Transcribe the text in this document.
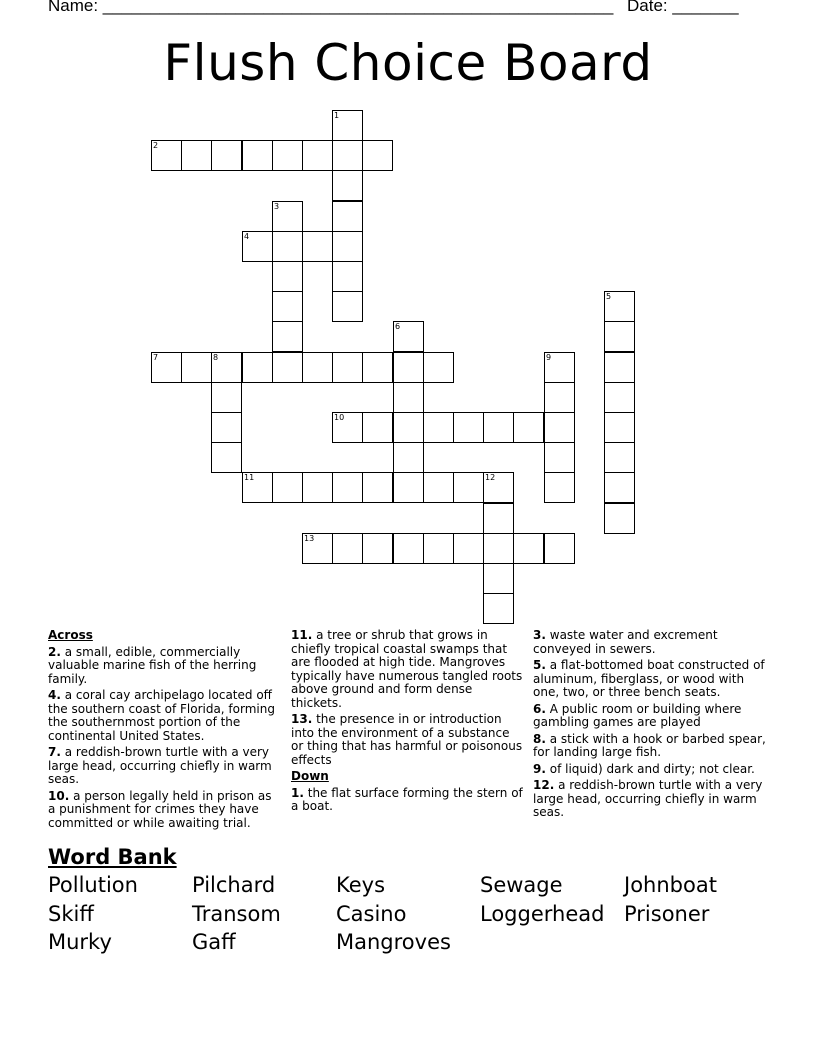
Name: ______________________________________________________ Date: _______
Flush Choice Board
1
2
3
4
5
6
7	8	9
10
11	12
13
Across
2. a small, edible, commercially valuable marine fish of the herring family.
4. a coral cay archipelago located off the southern coast of Florida, forming the southernmost portion of the continental United States.
7. a reddish-brown turtle with a very large head, occurring chiefly in warm seas.
10. a person legally held in prison as a punishment for crimes they have committed or while awaiting trial.
11. a tree or shrub that grows in chiefly tropical coastal swamps that are flooded at high tide. Mangroves typically have numerous tangled roots above ground and form dense thickets.
13. the presence in or introduction into the environment of a substance or thing that has harmful or poisonous effects
Down
1. the flat surface forming the stern of a boat.
3. waste water and excrement conveyed in sewers.
5. a flat-bottomed boat constructed of aluminum, fiberglass, or wood with one, two, or three bench seats.
6. A public room or building where gambling games are played
8. a stick with a hook or barbed spear, for landing large fish.
9. of liquid) dark and dirty; not clear.
12. a reddish-brown turtle with a very large head, occurring chiefly in warm seas.
Word Bank
Pollution	Pilchard	Keys	Sewage	Johnboat
Skiff	Transom	Casino	Loggerhead Prisoner
Murky	Gaff	Mangroves
